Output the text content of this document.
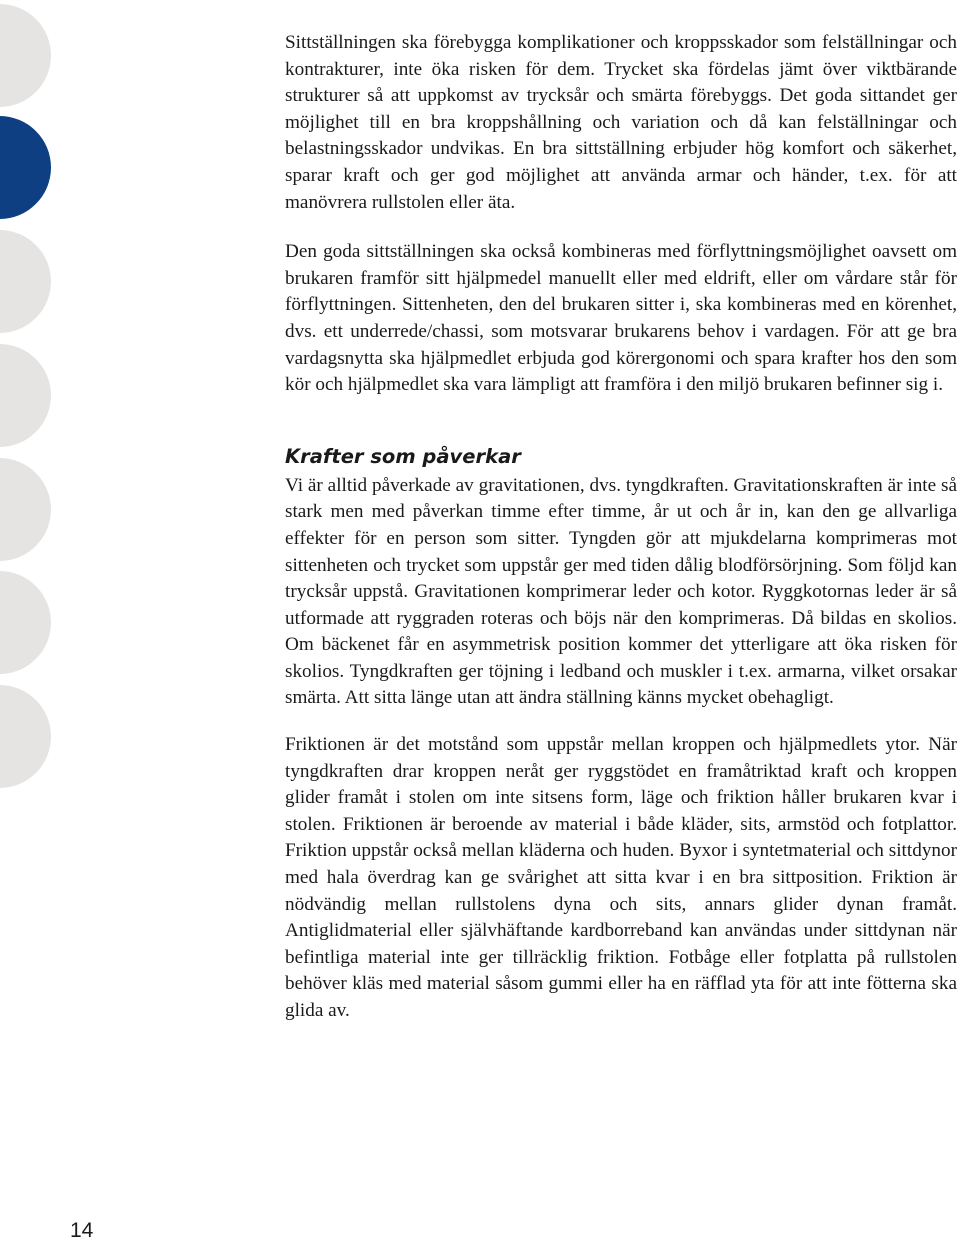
Sittställningen ska förebygga komplikationer och kroppsskador som felställningar och kontrakturer, inte öka risken för dem. Trycket ska fördelas jämt över viktbärande strukturer så att uppkomst av trycksår och smärta förebyggs. Det goda sittandet ger möjlighet till en bra kroppshållning och variation och då kan felställningar och belastningsskador undvikas. En bra sittställning erbjuder hög komfort och säkerhet, sparar kraft och ger god möjlighet att använda armar och händer, t.ex. för att manövrera rullstolen eller äta.

Den goda sittställningen ska också kombineras med förflyttningsmöjlighet oavsett om brukaren framför sitt hjälpmedel manuellt eller med eldrift, eller om vårdare står för förflyttningen. Sittenheten, den del brukaren sitter i, ska kombineras med en körenhet, dvs. ett underrede/chassi, som motsvarar brukarens behov i vardagen. För att ge bra vardagsnytta ska hjälpmedlet erbjuda god körergonomi och spara krafter hos den som kör och hjälpmedlet ska vara lämpligt att framföra i den miljö brukaren befinner sig i.

Krafter som påverkar

Vi är alltid påverkade av gravitationen, dvs. tyngdkraften. Gravitationskraften är inte så stark men med påverkan timme efter timme, år ut och år in, kan den ge allvarliga effekter för en person som sitter. Tyngden gör att mjukdelarna komprimeras mot sittenheten och trycket som uppstår ger med tiden dålig blodförsörjning. Som följd kan trycksår uppstå. Gravitationen komprimerar leder och kotor. Ryggkotornas leder är så utformade att ryggraden roteras och böjs när den komprimeras. Då bildas en skolios. Om bäckenet får en asymmetrisk position kommer det ytterligare att öka risken för skolios. Tyngdkraften ger töjning i ledband och muskler i t.ex. armarna, vilket orsakar smärta. Att sitta länge utan att ändra ställning känns mycket obehagligt.

Friktionen är det motstånd som uppstår mellan kroppen och hjälpmedlets ytor. När tyngdkraften drar kroppen neråt ger ryggstödet en framåtriktad kraft och kroppen glider framåt i stolen om inte sitsens form, läge och friktion håller brukaren kvar i stolen. Friktionen är beroende av material i både kläder, sits, armstöd och fotplattor. Friktion uppstår också mellan kläderna och huden. Byxor i syntetmaterial och sittdynor med hala överdrag kan ge svårighet att sitta kvar i en bra sittposition. Friktion är nödvändig mellan rullstolens dyna och sits, annars glider dynan framåt. Antiglidmaterial eller självhäftande kardborreband kan användas under sittdynan när befintliga material inte ger tillräcklig friktion. Fotbåge eller fotplatta på rullstolen behöver kläs med material såsom gummi eller ha en räfflad yta för att inte fötterna ska glida av.

14
